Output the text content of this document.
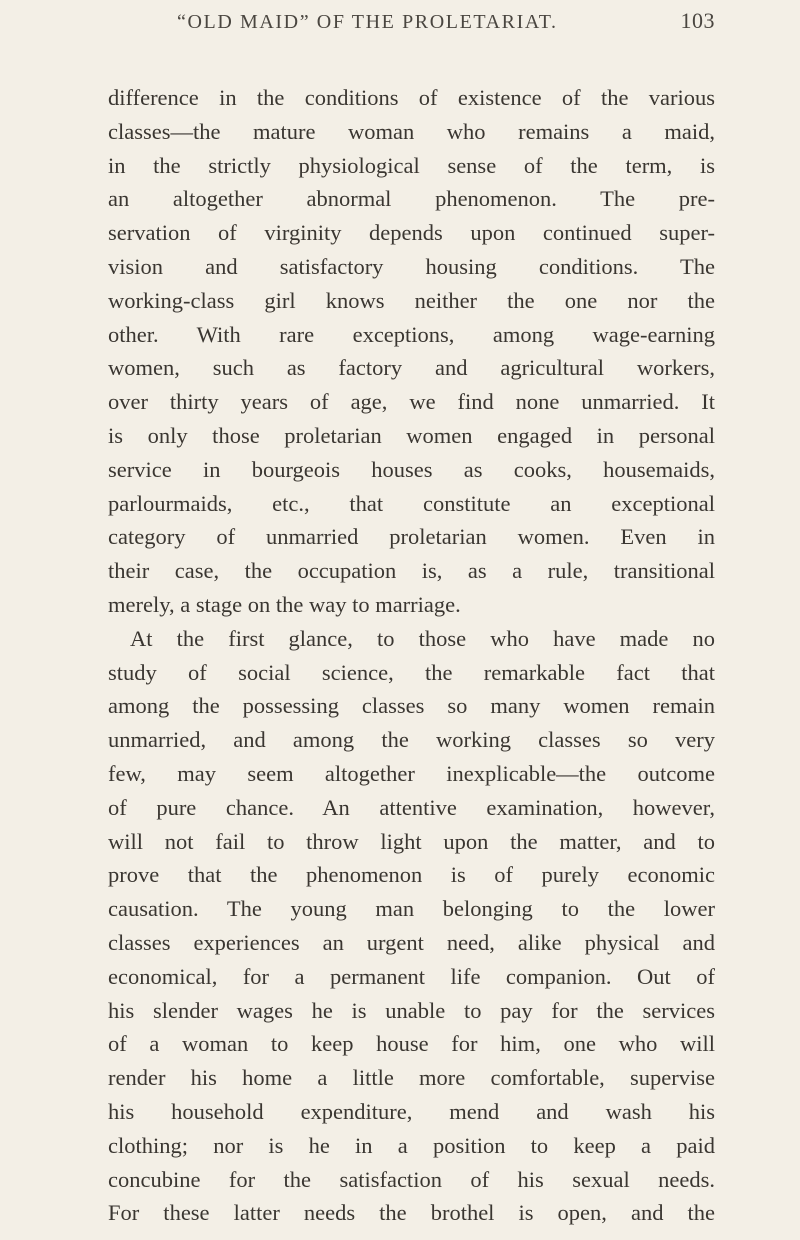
“OLD MAID” OF THE PROLETARIAT.	103
difference in the conditions of existence of the various
classes—the mature woman who remains a maid,
in the strictly physiological sense of the term, is
an altogether abnormal phenomenon. The pre-
servation of virginity depends upon continued super-
vision and satisfactory housing conditions. The
working-class girl knows neither the one nor the
other. With rare exceptions, among wage-earning
women, such as factory and agricultural workers,
over thirty years of age, we find none unmarried. It
is only those proletarian women engaged in personal
service in bourgeois houses as cooks, housemaids,
parlourmaids, etc., that constitute an exceptional
category of unmarried proletarian women. Even in
their case, the occupation is, as a rule, transitional
merely, a stage on the way to marriage.
At the first glance, to those who have made no
study of social science, the remarkable fact that
among the possessing classes so many women remain
unmarried, and among the working classes so very
few, may seem altogether inexplicable—the outcome
of pure chance. An attentive examination, however,
will not fail to throw light upon the matter, and to
prove that the phenomenon is of purely economic
causation. The young man belonging to the lower
classes experiences an urgent need, alike physical and
economical, for a permanent life companion. Out of
his slender wages he is unable to pay for the services
of a woman to keep house for him, one who will
render his home a little more comfortable, supervise
his household expenditure, mend and wash his
clothing; nor is he in a position to keep a paid
concubine for the satisfaction of his sexual needs.
For these latter needs the brothel is open, and the
